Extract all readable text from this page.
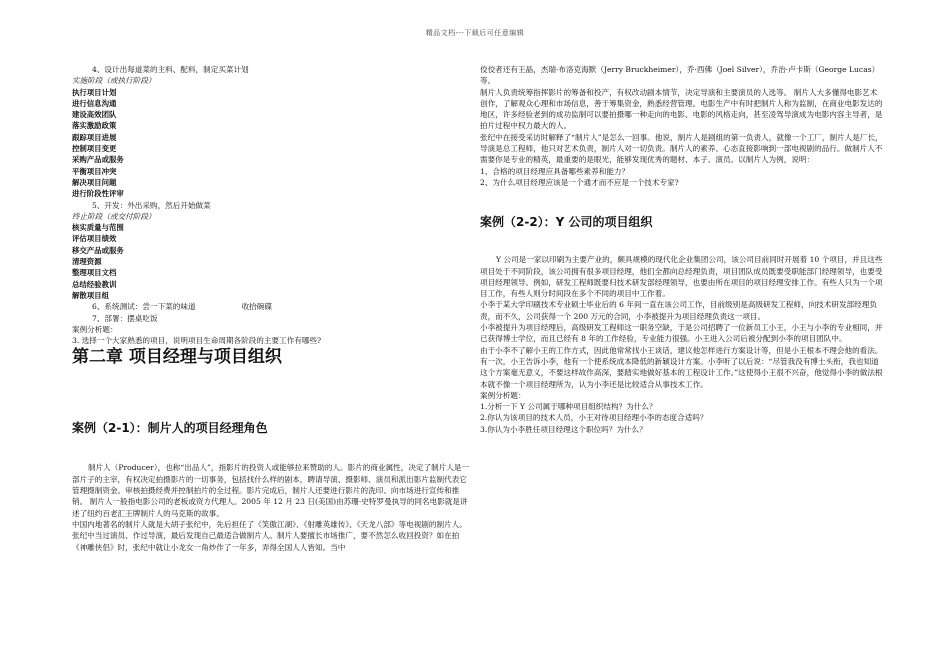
精品文档---下载后可任意编辑

4、设计出每道菜的主料、配料，制定买菜计划

实施阶段（或执行阶段）

执行项目计划

进行信息沟通

建设高效团队

落实激励政策

跟踪项目进展

控制项目变更

采购产品或服务

平衡项目冲突

解决项目问题

进行阶段性评审

5、开发：外出采购，然后开始做菜

终止阶段（或交付阶段）

核实质量与范围

评估项目绩效

移交产品或服务

清理资源

整理项目文档

总结经验教训

解散项目组

6、系统测试：尝一下菜的味道	收拾碗碟

7、部署：摆桌吃饭

案例分析题：

3. 选择一个大家熟悉的项目，说明项目生命周期各阶段的主要工作有哪些?

第二章 项目经理与项目组织

案例（2-1）：制片人的项目经理角色

制片人（Producer），也称“出品人”，指影片的投资人或能够拉来赞助的人。影片的商业属性，决定了制片人是一部片子的主宰，有权决定拍摄影片的一切事务，包括找什么样的剧本，聘请导演、摄影师、演员和派出影片监制代表它管理摄制资金。审核拍摄经费并控制拍片的全过程。影片完成后，制片人还要进行影片的洗印、向市场进行宣传和推销。 制片人一般指电影公司的老板或资方代理人。2005 年 12 月 23 日(美国)由苏珊·史特罗曼执导的同名电影就是讲述了纽约百老汇王牌制片人的马克斯的故事。

中国内地著名的制片人就是大胡子张纪中，先后担任了《笑傲江湖》、《射雕英雄传》、《天龙八部》等电视剧的制片人。张纪中当过演员、作过导演，最后发现自己最适合做制片人。制片人要擅长市场推广，要不然怎么收回投资？如在拍《神雕侠侣》时，张纪中就让小龙女一角炒作了一年多，弄得全国人人皆知。当中

佼佼者还有王晶，杰瑞·布洛克海默（Jerry Bruckheimer），乔·西佛（Joel Silver），乔治·卢卡斯（George Lucas）等。

制片人负责统筹指挥影片的筹备和投产，有权改动剧本情节，决定导演和主要演员的人选等。 制片人大多懂得电影艺术创作，了解观众心理和市场信息，善于筹集资金，熟悉经营管理。电影生产中有时把制片人称为监制，在商业电影发达的地区，许多经验老到的成功监制可以要拍摄哪一种走向的电影、电影的风格走向，甚至凌驾导演成为电影内容主导者，是拍片过程中权力最大的人。

张纪中在接受采访时解释了“制片人”是怎么一回事。他说，制片人是剧组的第一负责人，就像一个工厂，制片人是厂长，导演是总工程师，他只对艺术负责，制片人对一切负责。制片人的素养、心态直接影响到一部电视剧的品行。做制片人不需要你是专业的精英，最重要的是眼光，能够发现优秀的题材、本子、演员。以制片人为例，说明：

1、合格的项目经理应具备哪些素养和能力？

2、为什么项目经理应该是一个通才而不应是一个技术专家?

案例（2-2）：Y 公司的项目组织

Y 公司是一家以印刷为主要产业的，颇具规模的现代化企业集团公司，该公司目前同时开展着 10 个项目，并且这些项目处于不同阶段，该公司拥有很多项目经理，他们全都向总经理负责，项目团队成员既要受职能部门经理领导，也要受项目经理领导。例如，研发工程师既要归技术研发部经理领导，也要由所在项目的项目经理安排工作。有些人只为一个项目工作，有些人则分时间段在多个不同的项目中工作着。

小李于某大学印刷技术专业硕士毕业后的 6 年间一直在该公司工作，目前级别是高级研发工程师，向技术研发部经理负责，而不久，公司获得一个 200 万元的合同，小李被提升为项目经理负责这一项目。

小李被提升为项目经理后，高级研发工程师这一职务空缺，于是公司招聘了一位新员工小王，小王与小李的专业相同，并已获得博士学位，而且已经有 8 年的工作经验，专业能力很强。小王进入公司后被分配到小李的项目团队中。

由于小李不了解小王的工作方式，因此他常常找小王谈话，建议他怎样进行方案设计等，但是小王根本不理会他的看法。有一次，小王告诉小李，他有一个使系统成本降低的新颖设计方案。小李听了以后说：“尽管我没有博士头衔，我也知道这个方案毫无意义，不要这样故作高深，要踏实地做好基本的工程设计工作。”这使得小王很不兴奋，他觉得小李的做法根本就不像一个项目经理所为，认为小李还是比较适合从事技术工作。

案例分析题：

1.分析一下 Y 公司属于哪种项目组织结构？为什么？

2.你认为该项目的技术人员，小王对待项目经理小李的态度合适吗？

3.你认为小李胜任项目经理这个职位吗？为什么？
